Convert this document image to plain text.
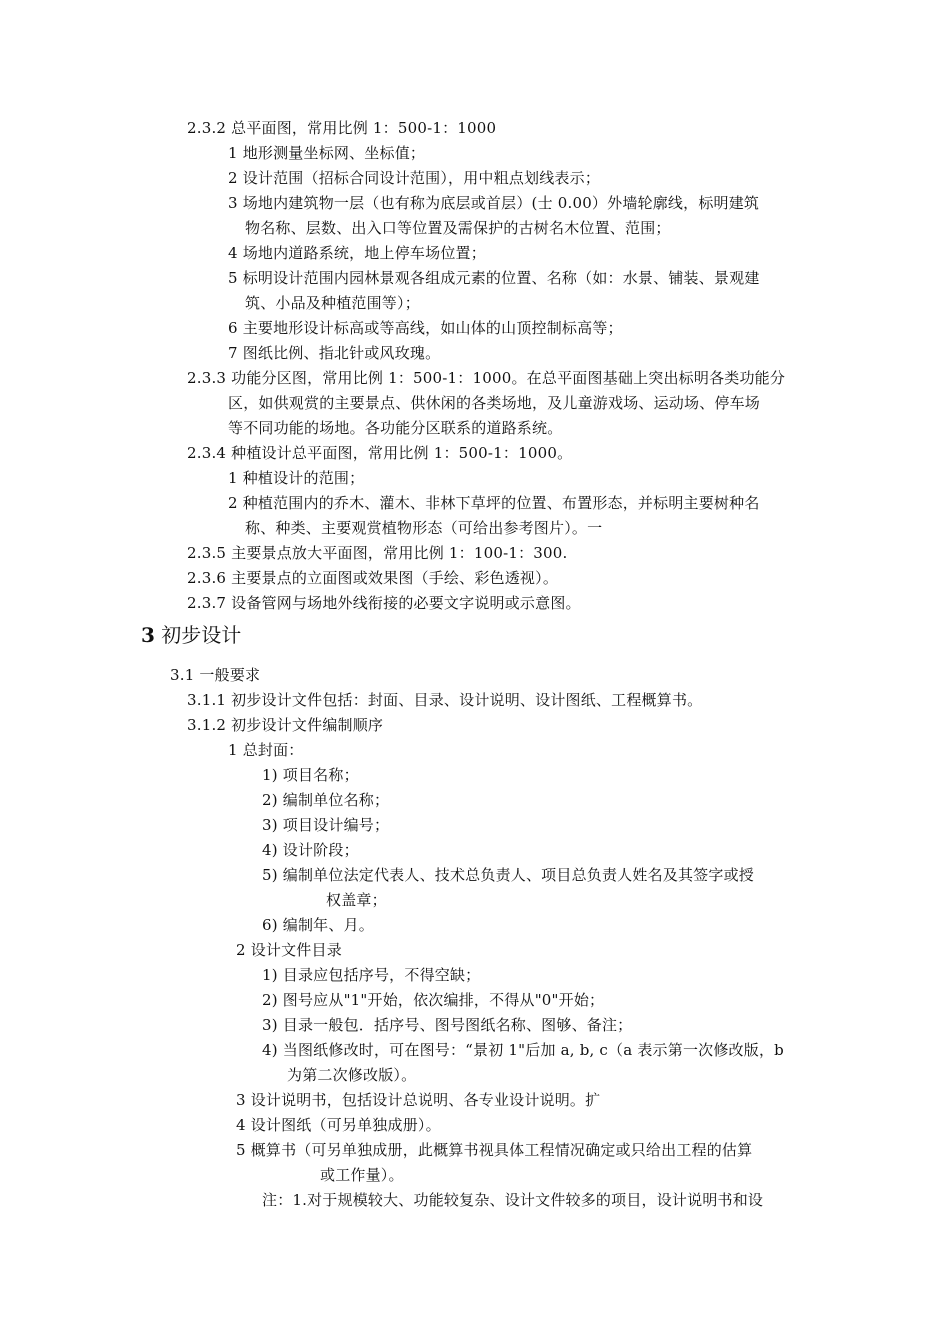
2.3.2 总平面图，常用比例 1：500-1：1000
1 地形测量坐标网、坐标值；
2 设计范围（招标合同设计范围），用中粗点划线表示；
3 场地内建筑物一层（也有称为底层或首层）(士 0.00）外墙轮廓线，标明建筑
物名称、层数、出入口等位置及需保护的古树名木位置、范围；
4 场地内道路系统，地上停车场位置；
5 标明设计范围内园林景观各组成元素的位置、名称（如：水景、铺装、景观建
筑、小品及种植范围等）；
6 主要地形设计标高或等高线，如山体的山顶控制标高等；
7 图纸比例、指北针或风玫瑰。
2.3.3 功能分区图，常用比例 1：500-1：1000。在总平面图基础上突出标明各类功能分
区，如供观赏的主要景点、供休闲的各类场地，及儿童游戏场、运动场、停车场
等不同功能的场地。各功能分区联系的道路系统。
2.3.4 种植设计总平面图，常用比例 1：500-1：1000。
1 种植设计的范围；
2 种植范围内的乔木、灌木、非林下草坪的位置、布置形态，并标明主要树种名
称、种类、主要观赏植物形态（可给出参考图片）。一
2.3.5 主要景点放大平面图，常用比例 1：100-1：300.
2.3.6 主要景点的立面图或效果图（手绘、彩色透视）。
2.3.7 设备管网与场地外线衔接的必要文字说明或示意图。
3 初步设计
3.1 一般要求
3.1.1 初步设计文件包括：封面、目录、设计说明、设计图纸、工程概算书。
3.1.2 初步设计文件编制顺序
1 总封面：
1) 项目名称；
2) 编制单位名称；
3) 项目设计编号；
4) 设计阶段；
5) 编制单位法定代表人、技术总负责人、项目总负责人姓名及其签字或授
权盖章；
6) 编制年、月。
2 设计文件目录
1) 目录应包括序号，不得空缺；
2) 图号应从"1"开始，依次编排，不得从"0"开始；
3) 目录一般包．括序号、图号图纸名称、图够、备注；
4) 当图纸修改时，可在图号：“景初 1"后加 a, b, c（a 表示第一次修改版，b
为第二次修改版）。
3 设计说明书，包括设计总说明、各专业设计说明。扩
4 设计图纸（可另单独成册）。
5 概算书（可另单独成册，此概算书视具体工程情况确定或只给出工程的估算
或工作量）。
注：1.对于规模较大、功能较复杂、设计文件较多的项目，设计说明书和设
